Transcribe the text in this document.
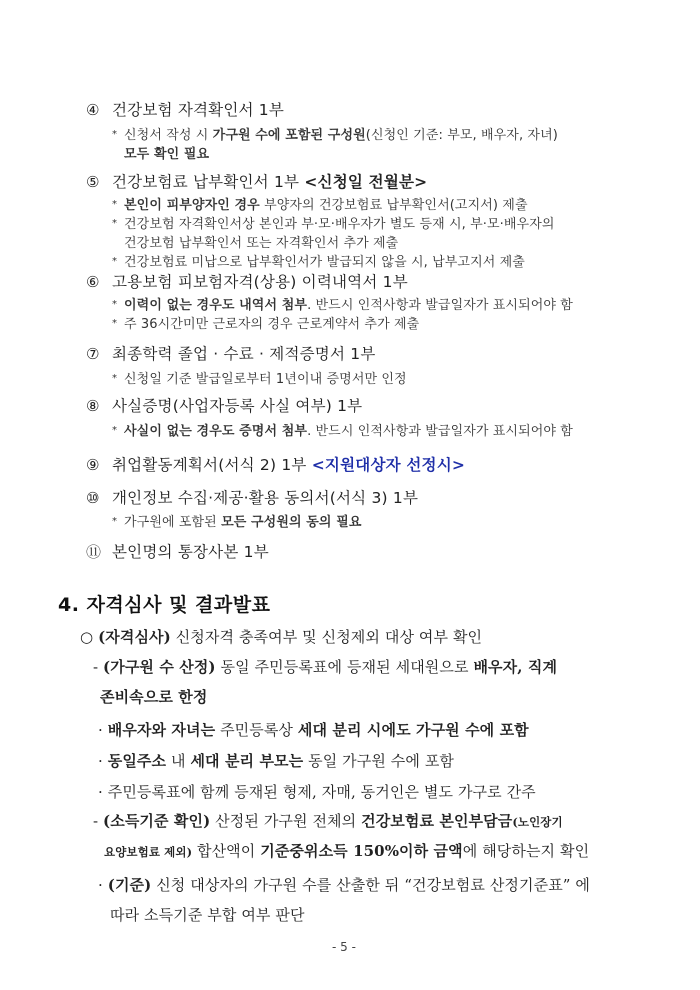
④ 건강보험 자격확인서 1부
* 신청서 작성 시 가구원 수에 포함된 구성원(신청인 기준: 부모, 배우자, 자녀)
모두 확인 필요
⑤ 건강보험료 납부확인서 1부 <신청일 전월분>
* 본인이 피부양자인 경우 부양자의 건강보험료 납부확인서(고지서) 제출
* 건강보험 자격확인서상 본인과 부·모·배우자가 별도 등재 시, 부·모·배우자의
건강보험 납부확인서 또는 자격확인서 추가 제출
* 건강보험료 미납으로 납부확인서가 발급되지 않을 시, 납부고지서 제출
⑥ 고용보험 피보험자격(상용) 이력내역서 1부
* 이력이 없는 경우도 내역서 첨부. 반드시 인적사항과 발급일자가 표시되어야 함
* 주 36시간미만 근로자의 경우 근로계약서 추가 제출
⑦ 최종학력 졸업 · 수료 · 제적증명서 1부
* 신청일 기준 발급일로부터 1년이내 증명서만 인정
⑧ 사실증명(사업자등록 사실 여부) 1부
* 사실이 없는 경우도 증명서 첨부. 반드시 인적사항과 발급일자가 표시되어야 함
⑨ 취업활동계획서(서식 2) 1부 <지원대상자 선정시>
⑩ 개인정보 수집·제공·활용 동의서(서식 3) 1부
* 가구원에 포함된 모든 구성원의 동의 필요
⑪ 본인명의 통장사본 1부
4. 자격심사 및 결과발표
○ (자격심사) 신청자격 충족여부 및 신청제외 대상 여부 확인
- (가구원 수 산정) 동일 주민등록표에 등재된 세대원으로 배우자, 직계
존비속으로 한정
· 배우자와 자녀는 주민등록상 세대 분리 시에도 가구원 수에 포함
· 동일주소 내 세대 분리 부모는 동일 가구원 수에 포함
· 주민등록표에 함께 등재된 형제, 자매, 동거인은 별도 가구로 간주
- (소득기준 확인) 산정된 가구원 전체의 건강보험료 본인부담금(노인장기
요양보험료 제외) 합산액이 기준중위소득 150%이하 금액에 해당하는지 확인
· (기준) 신청 대상자의 가구원 수를 산출한 뒤 “건강보험료 산정기준표” 에
따라 소득기준 부합 여부 판단
- 5 -
